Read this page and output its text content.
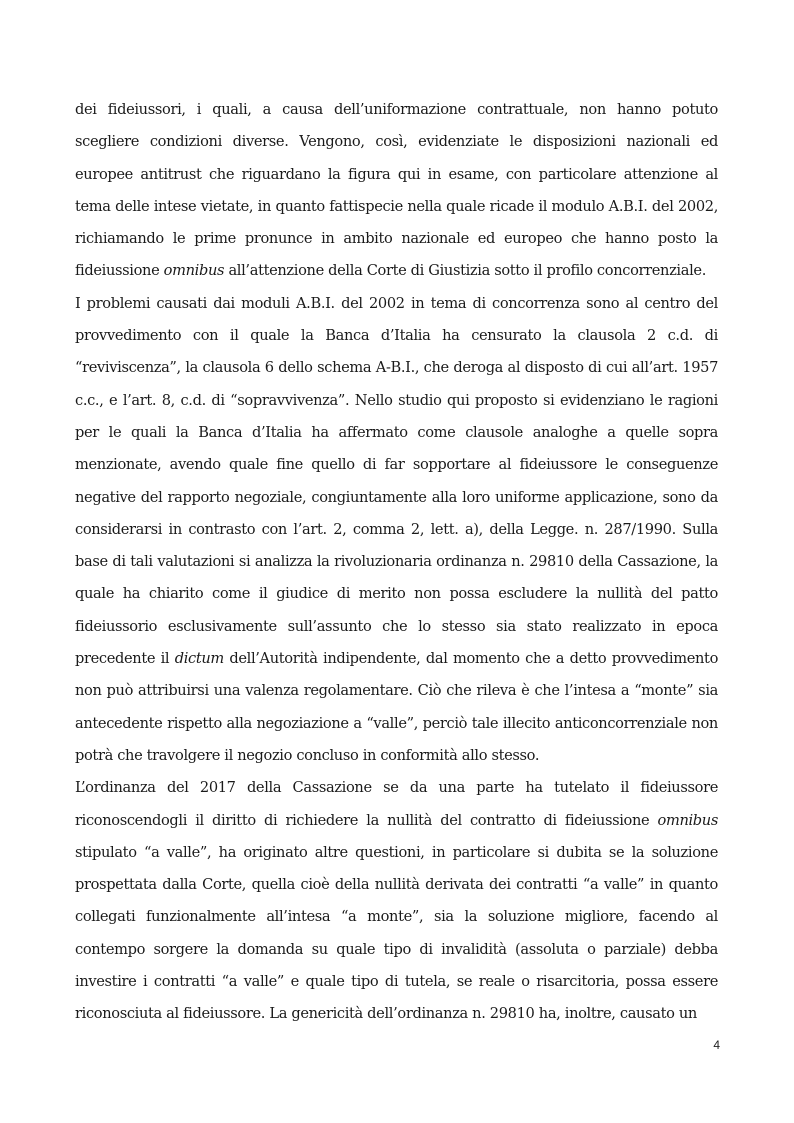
dei fideiussori, i quali, a causa dell’uniformazione contrattuale, non hanno potuto scegliere condizioni diverse. Vengono, così, evidenziate le disposizioni nazionali ed europee antitrust che riguardano la figura qui in esame, con particolare attenzione al tema delle intese vietate, in quanto fattispecie nella quale ricade il modulo A.B.I. del 2002, richiamando le prime pronunce in ambito nazionale ed europeo che hanno posto la fideiussione omnibus all’attenzione della Corte di Giustizia sotto il profilo concorrenziale.

I problemi causati dai moduli A.B.I. del 2002 in tema di concorrenza sono al centro del provvedimento con il quale la Banca d’Italia ha censurato la clausola 2 c.d. di “reviviscenza”, la clausola 6 dello schema A-B.I., che deroga al disposto di cui all’art. 1957 c.c., e l’art. 8, c.d. di “sopravvivenza”. Nello studio qui proposto si evidenziano le ragioni per le quali la Banca d’Italia ha affermato come clausole analoghe a quelle sopra menzionate, avendo quale fine quello di far sopportare al fideiussore le conseguenze negative del rapporto negoziale, congiuntamente alla loro uniforme applicazione, sono da considerarsi in contrasto con l’art. 2, comma 2, lett. a), della Legge. n. 287/1990. Sulla base di tali valutazioni si analizza la rivoluzionaria ordinanza n. 29810 della Cassazione, la quale ha chiarito come il giudice di merito non possa escludere la nullità del patto fideiussorio esclusivamente sull’assunto che lo stesso sia stato realizzato in epoca precedente il dictum dell’Autorità indipendente, dal momento che a detto provvedimento non può attribuirsi una valenza regolamentare. Ciò che rileva è che l’intesa a “monte” sia antecedente rispetto alla negoziazione a “valle”, perciò tale illecito anticoncorrenziale non potrà che travolgere il negozio concluso in conformità allo stesso.

L’ordinanza del 2017 della Cassazione se da una parte ha tutelato il fideiussore riconoscendogli il diritto di richiedere la nullità del contratto di fideiussione omnibus stipulato “a valle”, ha originato altre questioni, in particolare si dubita se la soluzione prospettata dalla Corte, quella cioè della nullità derivata dei contratti “a valle” in quanto collegati funzionalmente all’intesa “a monte”, sia la soluzione migliore, facendo al contempo sorgere la domanda su quale tipo di invalidità (assoluta o parziale) debba investire i contratti “a valle” e quale tipo di tutela, se reale o risarcitoria, possa essere riconosciuta al fideiussore. La genericità dell’ordinanza n. 29810 ha, inoltre, causato un

4
